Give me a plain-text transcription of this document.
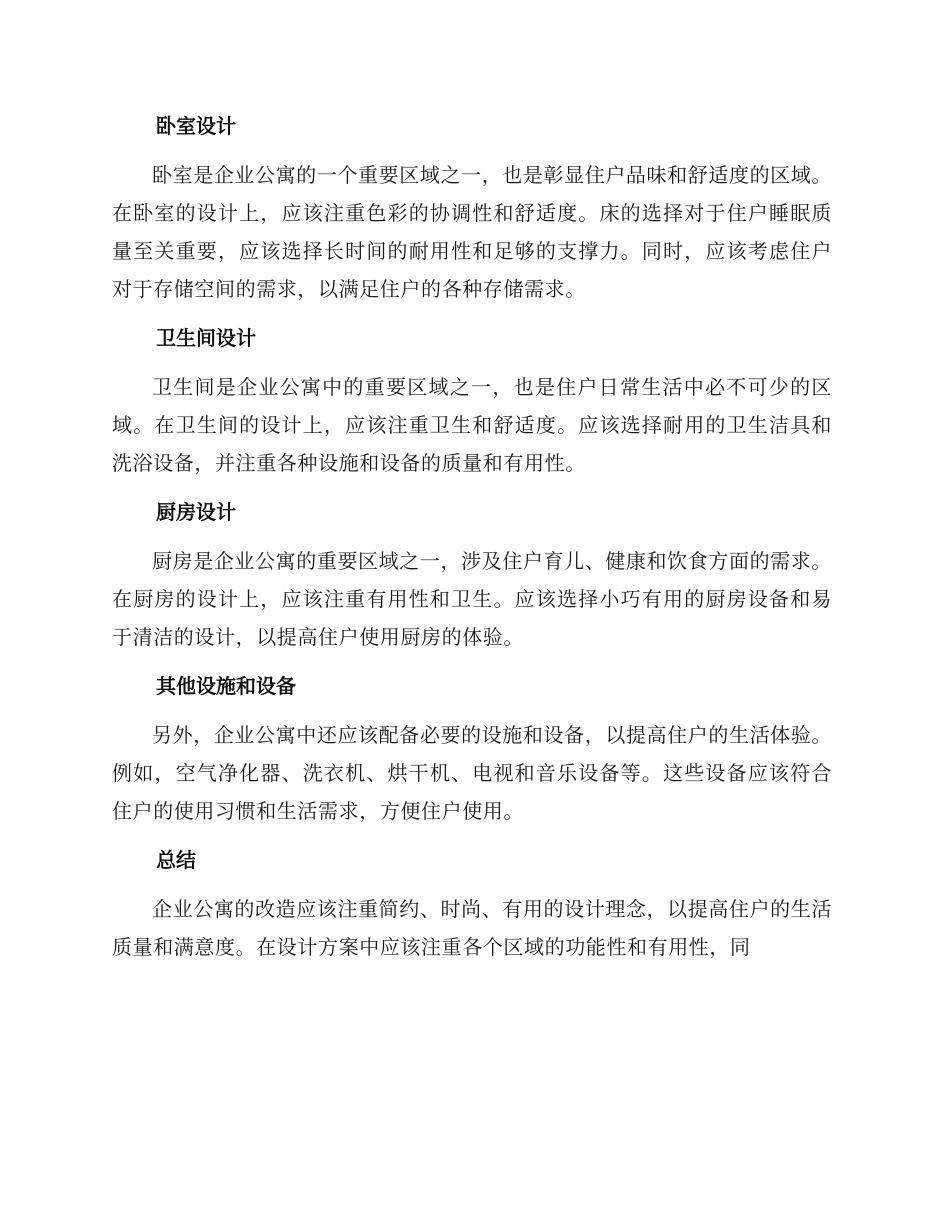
卧室设计

卧室是企业公寓的一个重要区域之一，也是彰显住户品味和舒适度的区域。在卧室的设计上，应该注重色彩的协调性和舒适度。床的选择对于住户睡眠质量至关重要，应该选择长时间的耐用性和足够的支撑力。同时，应该考虑住户对于存储空间的需求，以满足住户的各种存储需求。

卫生间设计

卫生间是企业公寓中的重要区域之一，也是住户日常生活中必不可少的区域。在卫生间的设计上，应该注重卫生和舒适度。应该选择耐用的卫生洁具和洗浴设备，并注重各种设施和设备的质量和有用性。

厨房设计

厨房是企业公寓的重要区域之一，涉及住户育儿、健康和饮食方面的需求。在厨房的设计上，应该注重有用性和卫生。应该选择小巧有用的厨房设备和易于清洁的设计，以提高住户使用厨房的体验。

其他设施和设备

另外，企业公寓中还应该配备必要的设施和设备，以提高住户的生活体验。例如，空气净化器、洗衣机、烘干机、电视和音乐设备等。这些设备应该符合住户的使用习惯和生活需求，方便住户使用。

总结

企业公寓的改造应该注重简约、时尚、有用的设计理念，以提高住户的生活质量和满意度。在设计方案中应该注重各个区域的功能性和有用性，同
